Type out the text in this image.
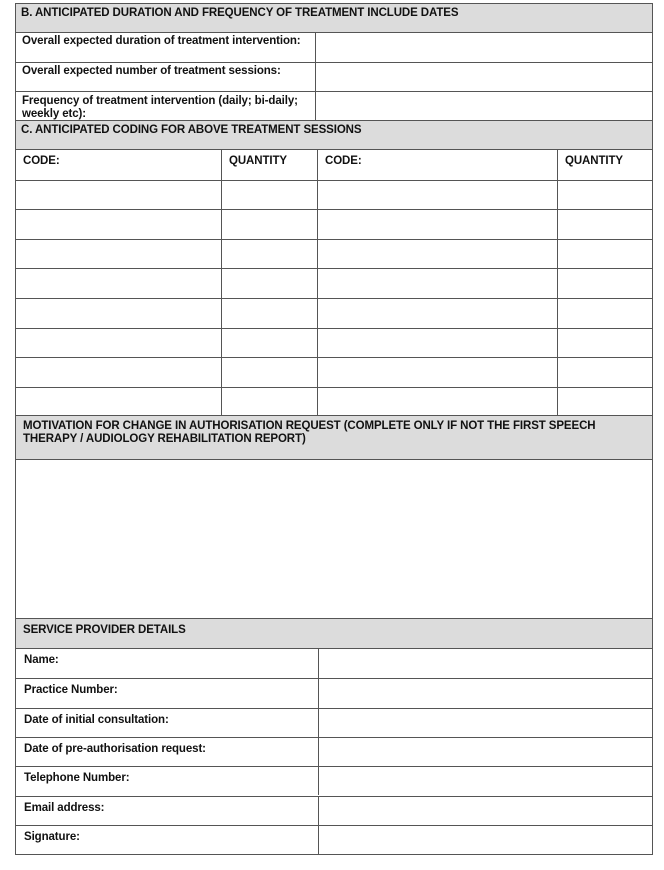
B. ANTICIPATED DURATION AND FREQUENCY OF TREATMENT INCLUDE DATES
Overall expected duration of treatment intervention:
Overall expected number of treatment sessions:
Frequency of treatment intervention (daily; bi-daily; weekly etc):
C. ANTICIPATED CODING FOR ABOVE TREATMENT SESSIONS
CODE:	QUANTITY	CODE:	QUANTITY
MOTIVATION FOR CHANGE IN AUTHORISATION REQUEST (COMPLETE ONLY IF NOT THE FIRST SPEECH THERAPY / AUDIOLOGY REHABILITATION REPORT)
SERVICE PROVIDER DETAILS
Name:
Practice Number:
Date of initial consultation:
Date of pre-authorisation request:
Telephone Number:
Email address:
Signature:
